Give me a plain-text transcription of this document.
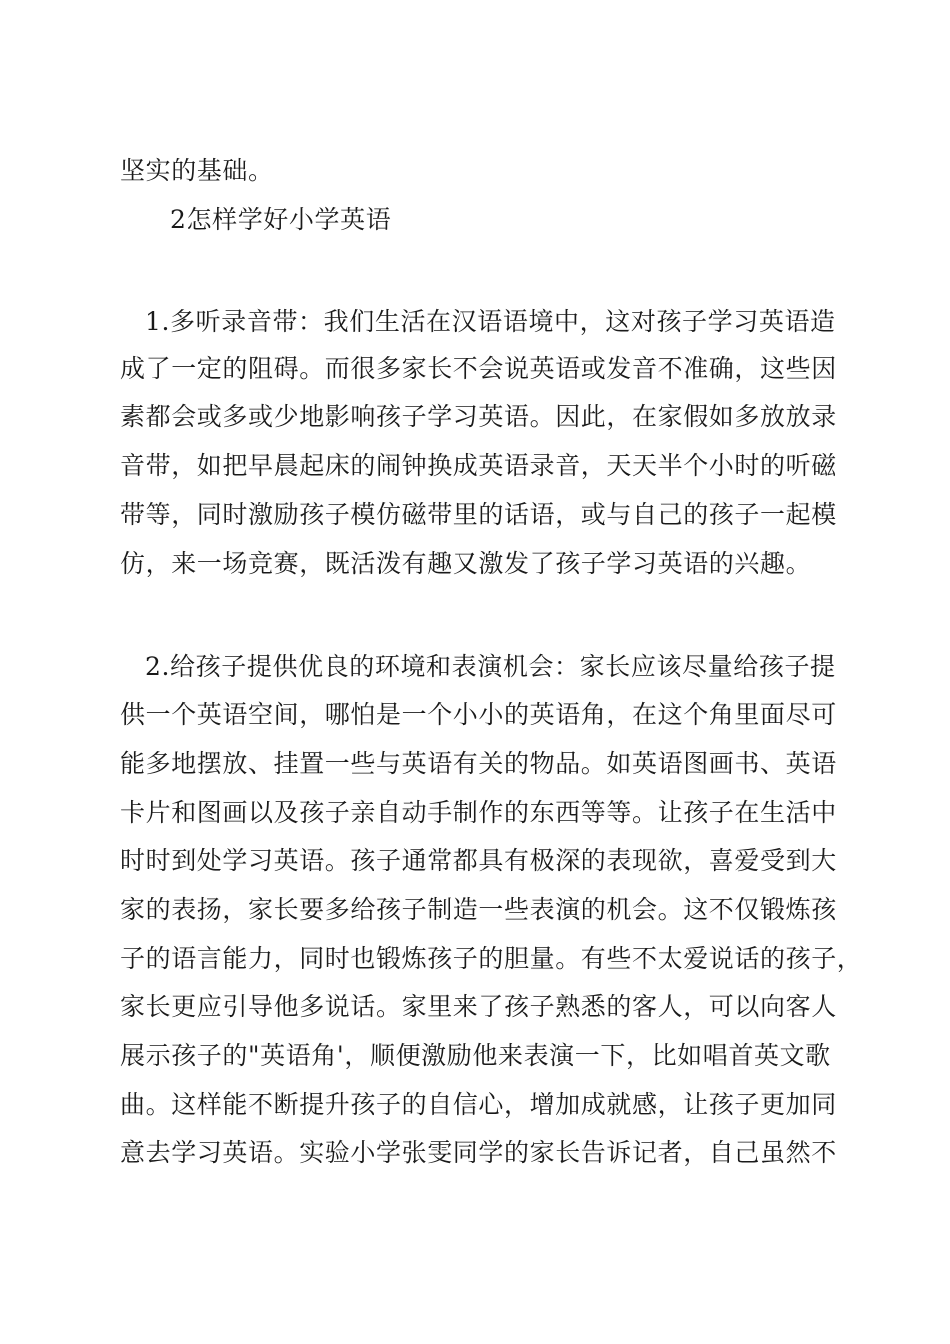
坚实的基础。
2怎样学好小学英语
1.多听录音带：我们生活在汉语语境中，这对孩子学习英语造
成了一定的阻碍。而很多家长不会说英语或发音不准确，这些因
素都会或多或少地影响孩子学习英语。因此，在家假如多放放录
音带，如把早晨起床的闹钟换成英语录音，天天半个小时的听磁
带等，同时激励孩子模仿磁带里的话语，或与自己的孩子一起模
仿，来一场竞赛，既活泼有趣又激发了孩子学习英语的兴趣。
2.给孩子提供优良的环境和表演机会：家长应该尽量给孩子提
供一个英语空间，哪怕是一个小小的英语角，在这个角里面尽可
能多地摆放、挂置一些与英语有关的物品。如英语图画书、英语
卡片和图画以及孩子亲自动手制作的东西等等。让孩子在生活中
时时到处学习英语。孩子通常都具有极深的表现欲，喜爱受到大
家的表扬，家长要多给孩子制造一些表演的机会。这不仅锻炼孩
子的语言能力，同时也锻炼孩子的胆量。有些不太爱说话的孩子，
家长更应引导他多说话。家里来了孩子熟悉的客人，可以向客人
展示孩子的"英语角'，顺便激励他来表演一下，比如唱首英文歌
曲。这样能不断提升孩子的自信心，增加成就感，让孩子更加同
意去学习英语。实验小学张雯同学的家长告诉记者，自己虽然不
